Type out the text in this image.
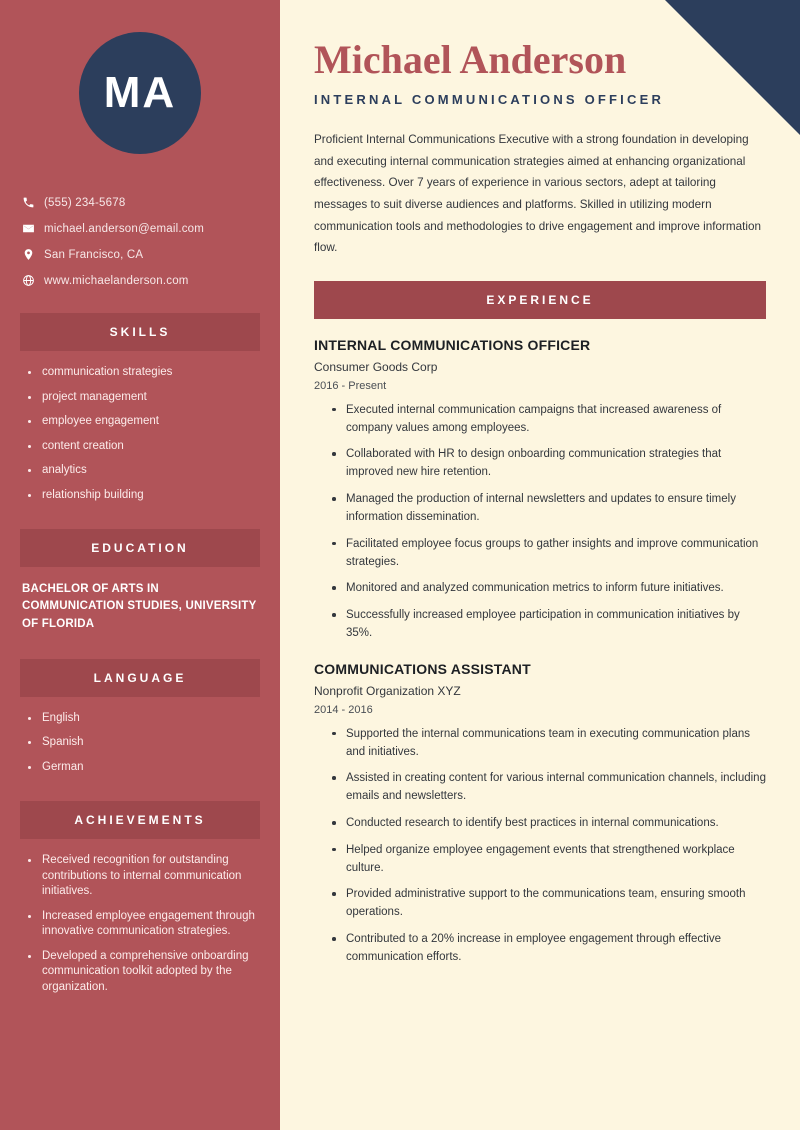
MA
(555) 234-5678
michael.anderson@email.com
San Francisco, CA
www.michaelanderson.com
SKILLS
communication strategies
project management
employee engagement
content creation
analytics
relationship building
EDUCATION
BACHELOR OF ARTS IN COMMUNICATION STUDIES, UNIVERSITY OF FLORIDA
LANGUAGE
English
Spanish
German
ACHIEVEMENTS
Received recognition for outstanding contributions to internal communication initiatives.
Increased employee engagement through innovative communication strategies.
Developed a comprehensive onboarding communication toolkit adopted by the organization.
Michael Anderson
INTERNAL COMMUNICATIONS OFFICER

Proficient Internal Communications Executive with a strong foundation in developing and executing internal communication strategies aimed at enhancing organizational effectiveness. Over 7 years of experience in various sectors, adept at tailoring messages to suit diverse audiences and platforms. Skilled in utilizing modern communication tools and methodologies to drive engagement and improve information flow.

EXPERIENCE
INTERNAL COMMUNICATIONS OFFICER
Consumer Goods Corp
2016 - Present
Executed internal communication campaigns that increased awareness of company values among employees.
Collaborated with HR to design onboarding communication strategies that improved new hire retention.
Managed the production of internal newsletters and updates to ensure timely information dissemination.
Facilitated employee focus groups to gather insights and improve communication strategies.
Monitored and analyzed communication metrics to inform future initiatives.
Successfully increased employee participation in communication initiatives by 35%.
COMMUNICATIONS ASSISTANT
Nonprofit Organization XYZ
2014 - 2016
Supported the internal communications team in executing communication plans and initiatives.
Assisted in creating content for various internal communication channels, including emails and newsletters.
Conducted research to identify best practices in internal communications.
Helped organize employee engagement events that strengthened workplace culture.
Provided administrative support to the communications team, ensuring smooth operations.
Contributed to a 20% increase in employee engagement through effective communication efforts.
